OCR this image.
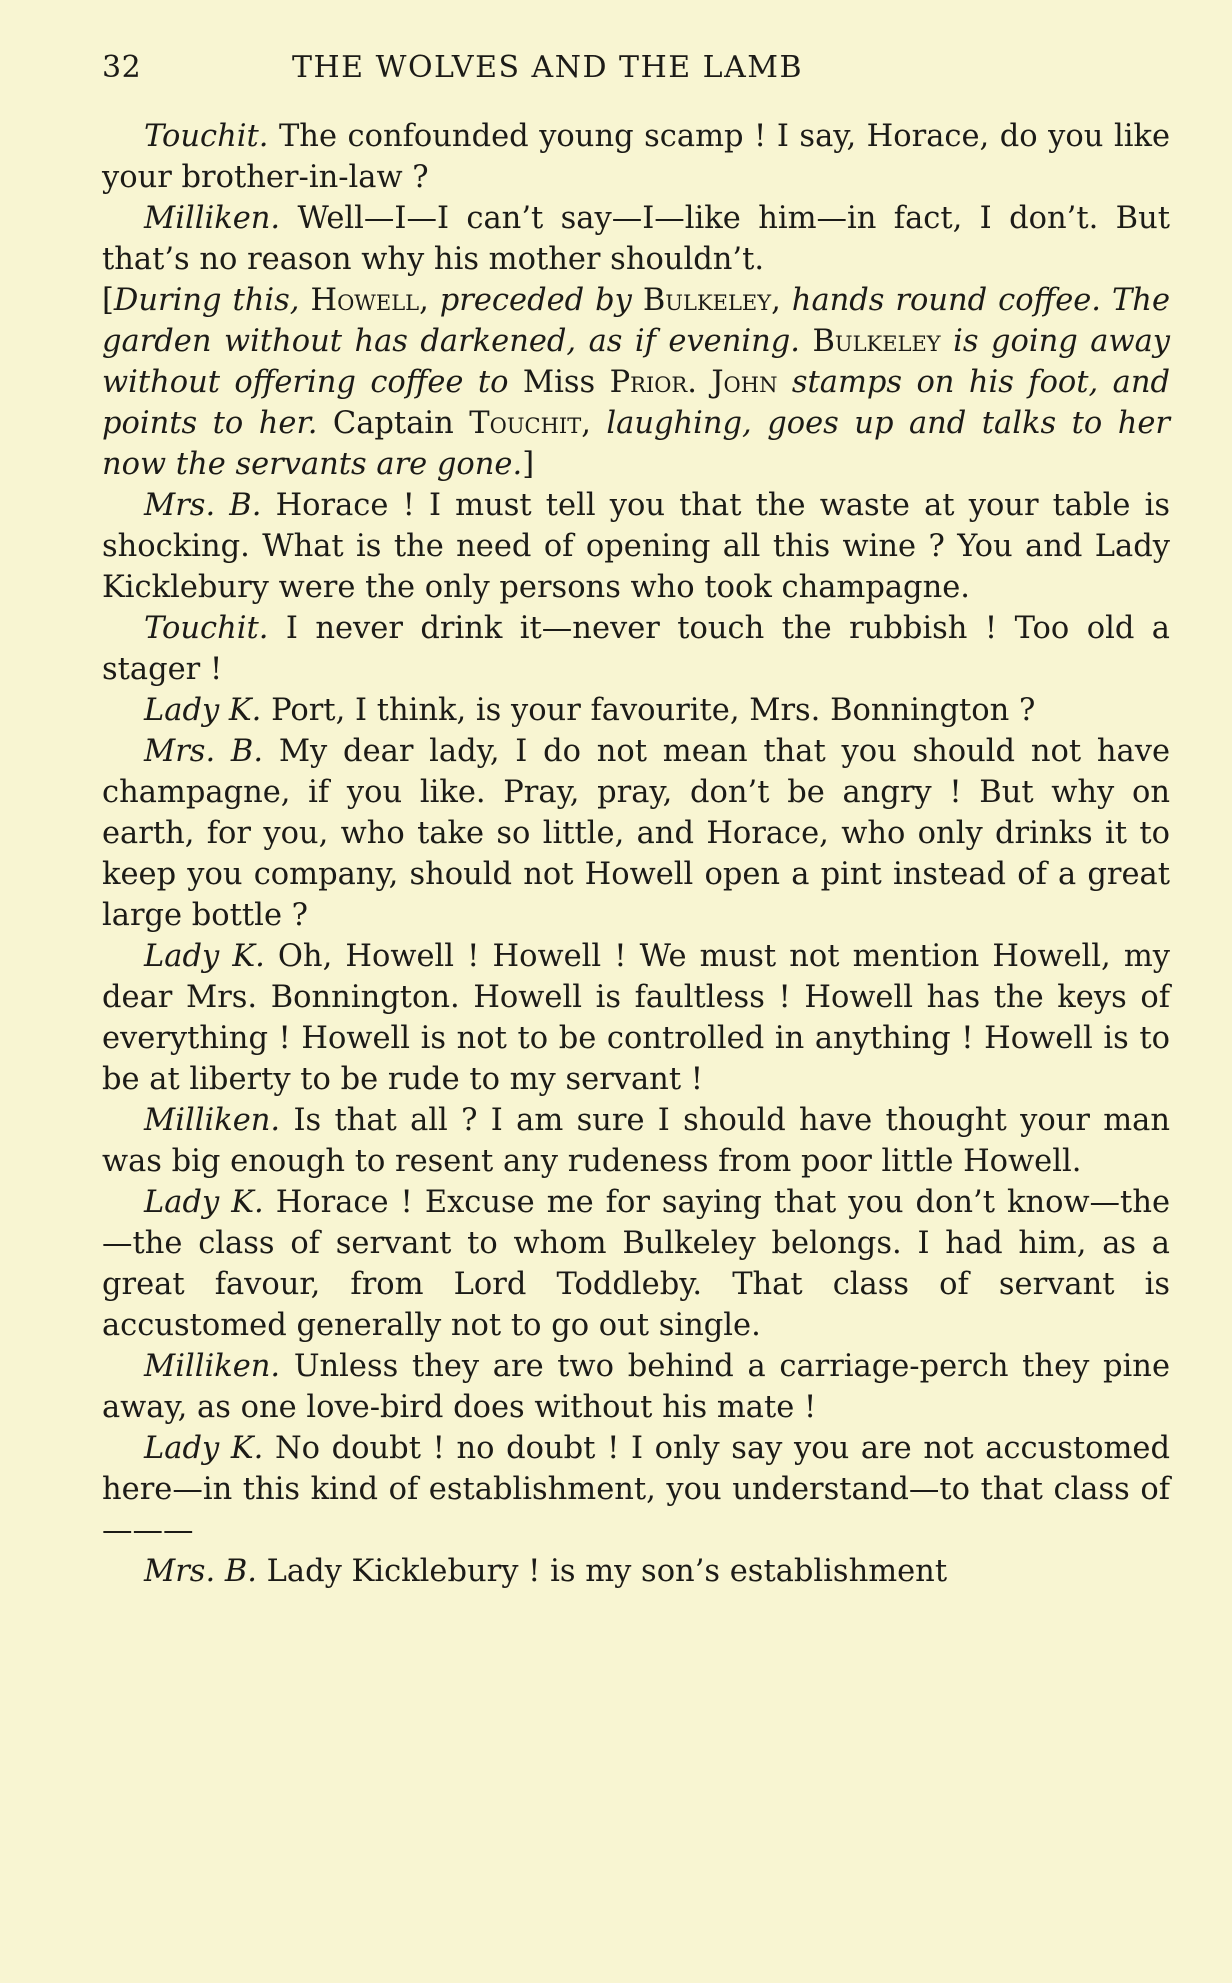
32	THE WOLVES AND THE LAMB

Touchit. The confounded young scamp ! I say, Horace, do you like your brother-in-law ?

Milliken. Well—I—I can’t say—I—like him—in fact, I don’t. But that’s no reason why his mother shouldn’t.

[During this, Howell, preceded by Bulkeley, hands round coffee. The garden without has darkened, as if evening. Bulkeley is going away without offering coffee to Miss Prior. John stamps on his foot, and points to her. Captain Touchit, laughing, goes up and talks to her now the servants are gone.]

Mrs. B. Horace ! I must tell you that the waste at your table is shocking. What is the need of opening all this wine ? You and Lady Kicklebury were the only persons who took champagne.

Touchit. I never drink it—never touch the rubbish ! Too old a stager !

Lady K. Port, I think, is your favourite, Mrs. Bonnington ?

Mrs. B. My dear lady, I do not mean that you should not have champagne, if you like. Pray, pray, don’t be angry ! But why on earth, for you, who take so little, and Horace, who only drinks it to keep you company, should not Howell open a pint instead of a great large bottle ?

Lady K. Oh, Howell ! Howell ! We must not mention Howell, my dear Mrs. Bonnington. Howell is faultless ! Howell has the keys of everything ! Howell is not to be controlled in anything ! Howell is to be at liberty to be rude to my servant !

Milliken. Is that all ? I am sure I should have thought your man was big enough to resent any rudeness from poor little Howell.

Lady K. Horace ! Excuse me for saying that you don’t know—the—the class of servant to whom Bulkeley belongs. I had him, as a great favour, from Lord Toddleby. That class of servant is accustomed generally not to go out single.

Milliken. Unless they are two behind a carriage-perch they pine away, as one love-bird does without his mate !

Lady K. No doubt ! no doubt ! I only say you are not accustomed here—in this kind of establishment, you understand—to that class of———

Mrs. B. Lady Kicklebury ! is my son’s establishment
